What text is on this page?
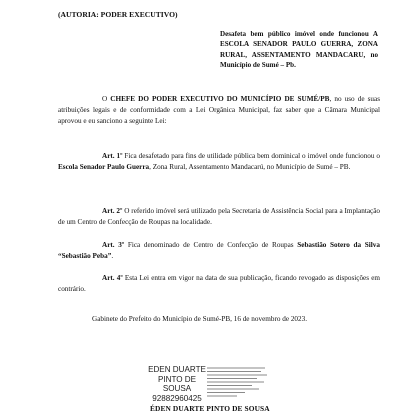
(AUTORIA: PODER EXECUTIVO)
Desafeta bem público imóvel onde funcionou A ESCOLA SENADOR PAULO GUERRA, ZONA RURAL, ASSENTAMENTO MANDACARU, no Município de Sumé – Pb.

O CHEFE DO PODER EXECUTIVO DO MUNICÍPIO DE SUMÉ/PB, no uso de suas atribuições legais e de conformidade com a Lei Orgânica Municipal, faz saber que a Câmara Municipal aprovou e eu sanciono a seguinte Lei:

Art. 1º Fica desafetado para fins de utilidade pública bem dominical o imóvel onde funcionou o Escola Senador Paulo Guerra, Zona Rural, Assentamento Mandacarú, no Município de Sumé – PB.

Art. 2º O referido imóvel será utilizado pela Secretaria de Assistência Social para a Implantação de um Centro de Confecção de Roupas na localidade.

Art. 3º Fica denominado de Centro de Confecção de Roupas Sebastião Sotero da Silva “Sebastião Peba”.

Art. 4º Esta Lei entra em vigor na data de sua publicação, ficando revogado as disposições em contrário.

Gabinete do Prefeito do Município de Sumé-PB, 16 de novembro de 2023.
EDEN DUARTE
PINTO DE SOUSA
92882960425
ÉDEN DUARTE PINTO DE SOUSA
